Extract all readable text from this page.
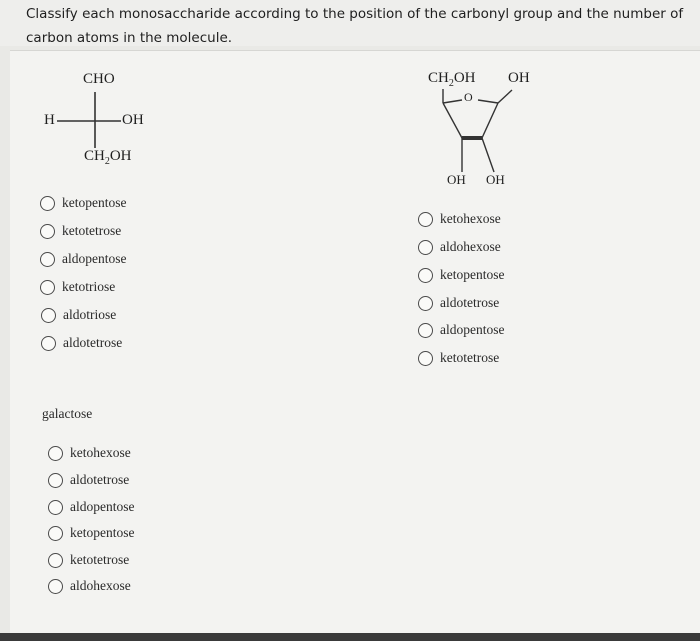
Classify each monosaccharide according to the position of the carbonyl group and the number of carbon atoms in the molecule.
CHO
H	OH
$CH_2OH$
$CH_2OH$ OH
O
OH OH
ketopentose
ketotetrose
aldopentose
ketotriose
aldotriose
aldotetrose
ketohexose
aldohexose
ketopentose
aldotetrose
aldopentose
ketotetrose
galactose
ketohexose
aldotetrose
aldopentose
ketopentose
ketotetrose
aldohexose
